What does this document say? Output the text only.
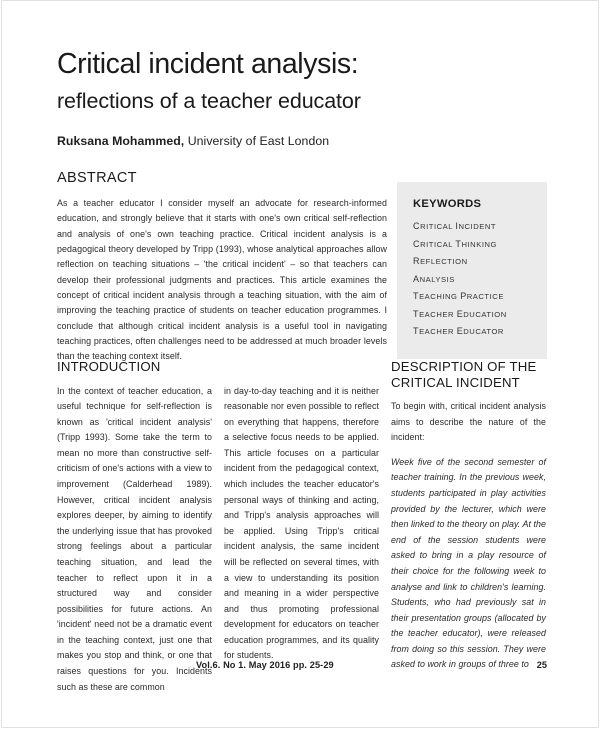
Critical incident analysis:
reflections of a teacher educator
Ruksana Mohammed, University of East London
ABSTRACT
As a teacher educator I consider myself an advocate for research-informed education, and strongly believe that it starts with one's own critical self-reflection and analysis of one's own teaching practice. Critical incident analysis is a pedagogical theory developed by Tripp (1993), whose analytical approaches allow reflection on teaching situations – 'the critical incident' – so that teachers can develop their professional judgments and practices. This article examines the concept of critical incident analysis through a teaching situation, with the aim of improving the teaching practice of students on teacher education programmes. I conclude that although critical incident analysis is a useful tool in navigating teaching practices, often challenges need to be addressed at much broader levels than the teaching context itself.
KEYWORDS
CRITICAL INCIDENT
CRITICAL THINKING
REFLECTION
ANALYSIS
TEACHING PRACTICE
TEACHER EDUCATION
TEACHER EDUCATOR
INTRODUCTION

In the context of teacher education, a useful technique for self-reflection is known as 'critical incident analysis' (Tripp 1993). Some take the term to mean no more than constructive self-criticism of one's actions with a view to improvement (Calderhead 1989). However, critical incident analysis explores deeper, by aiming to identify the underlying issue that has provoked strong feelings about a particular teaching situation, and lead the teacher to reflect upon it in a structured way and consider possibilities for future actions. An 'incident' need not be a dramatic event in the teaching context, just one that makes you stop and think, or one that raises questions for you. Incidents such as these are common

in day-to-day teaching and it is neither reasonable nor even possible to reflect on everything that happens, therefore a selective focus needs to be applied. This article focuses on a particular incident from the pedagogical context, which includes the teacher educator's personal ways of thinking and acting, and Tripp's analysis approaches will be applied. Using Tripp's critical incident analysis, the same incident will be reflected on several times, with a view to understanding its position and meaning in a wider perspective and thus promoting professional development for educators on teacher education programmes, and its quality for students.

DESCRIPTION OF THE CRITICAL INCIDENT

To begin with, critical incident analysis aims to describe the nature of the incident:

Week five of the second semester of teacher training. In the previous week, students participated in play activities provided by the lecturer, which were then linked to the theory on play. At the end of the session students were asked to bring in a play resource of their choice for the following week to analyse and link to children's learning. Students, who had previously sat in their presentation groups (allocated by the teacher educator), were released from doing so this session. They were asked to work in groups of three to

Vol.6. No 1. May 2016 pp. 25-29	25
